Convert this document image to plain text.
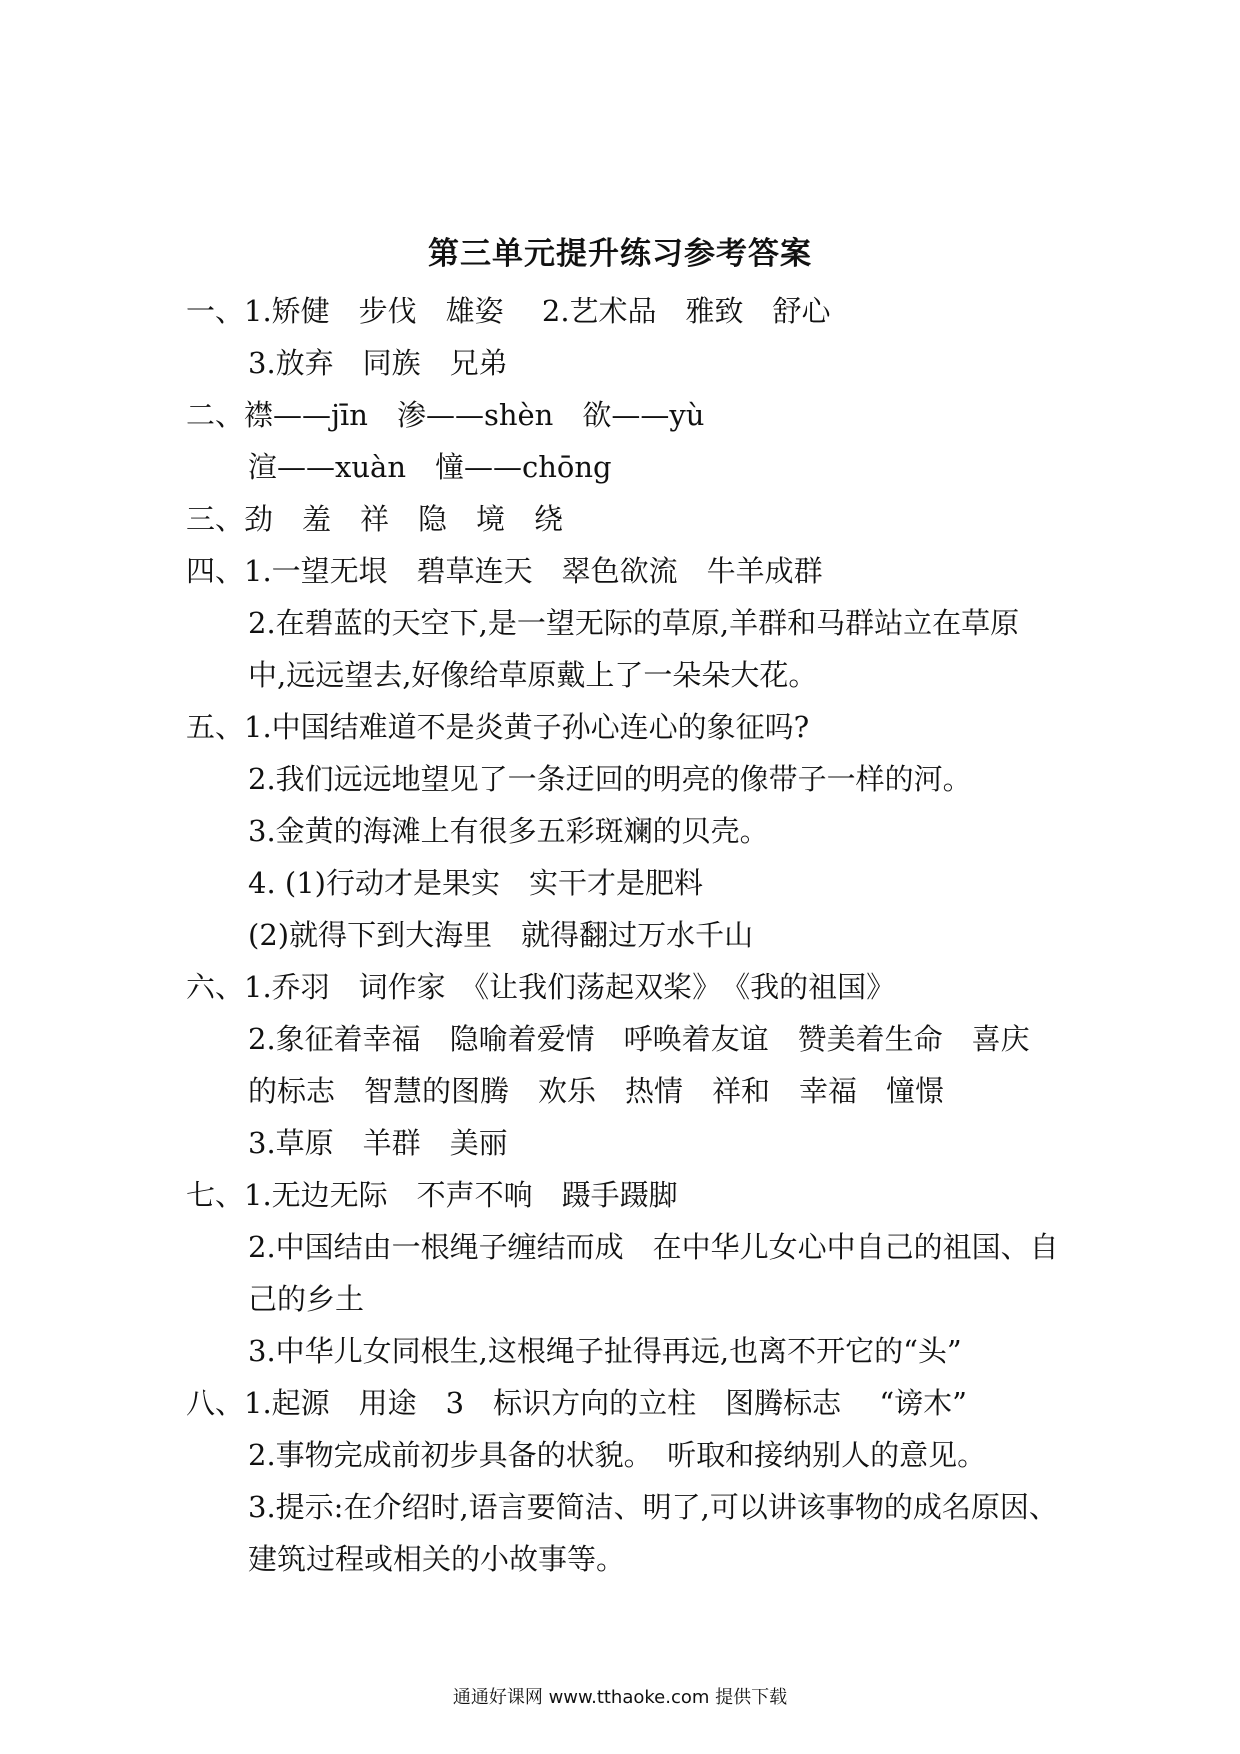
第三单元提升练习参考答案
一、1.矫健　步伐　雄姿　 2.艺术品　雅致　舒心
3.放弃　同族　兄弟
二、襟——jīn　渗——shèn　欲——yù
渲——xuàn　憧——chōng
三、劲　羞　祥　隐　境　绕
四、1.一望无垠　碧草连天　翠色欲流　牛羊成群
2.在碧蓝的天空下,是一望无际的草原,羊群和马群站立在草原
中,远远望去,好像给草原戴上了一朵朵大花。
五、1.中国结难道不是炎黄子孙心连心的象征吗?
2.我们远远地望见了一条迂回的明亮的像带子一样的河。
3.金黄的海滩上有很多五彩斑斓的贝壳。
4. (1)行动才是果实　实干才是肥料
(2)就得下到大海里　就得翻过万水千山
六、1.乔羽　词作家　《让我们荡起双桨》　《我的祖国》
2.象征着幸福　隐喻着爱情　呼唤着友谊　赞美着生命　喜庆
的标志　智慧的图腾　欢乐　热情　祥和　幸福　憧憬
3.草原　羊群　美丽
七、1.无边无际　不声不响　蹑手蹑脚
2.中国结由一根绳子缠结而成　在中华儿女心中自己的祖国、自
己的乡土
3.中华儿女同根生,这根绳子扯得再远,也离不开它的“头”
八、1.起源　用途　3　标识方向的立柱　图腾标志　 “谤木”
2.事物完成前初步具备的状貌。　听取和接纳别人的意见。
3.提示:在介绍时,语言要简洁、明了,可以讲该事物的成名原因、
建筑过程或相关的小故事等。
通通好课网 www.tthaoke.com 提供下载
